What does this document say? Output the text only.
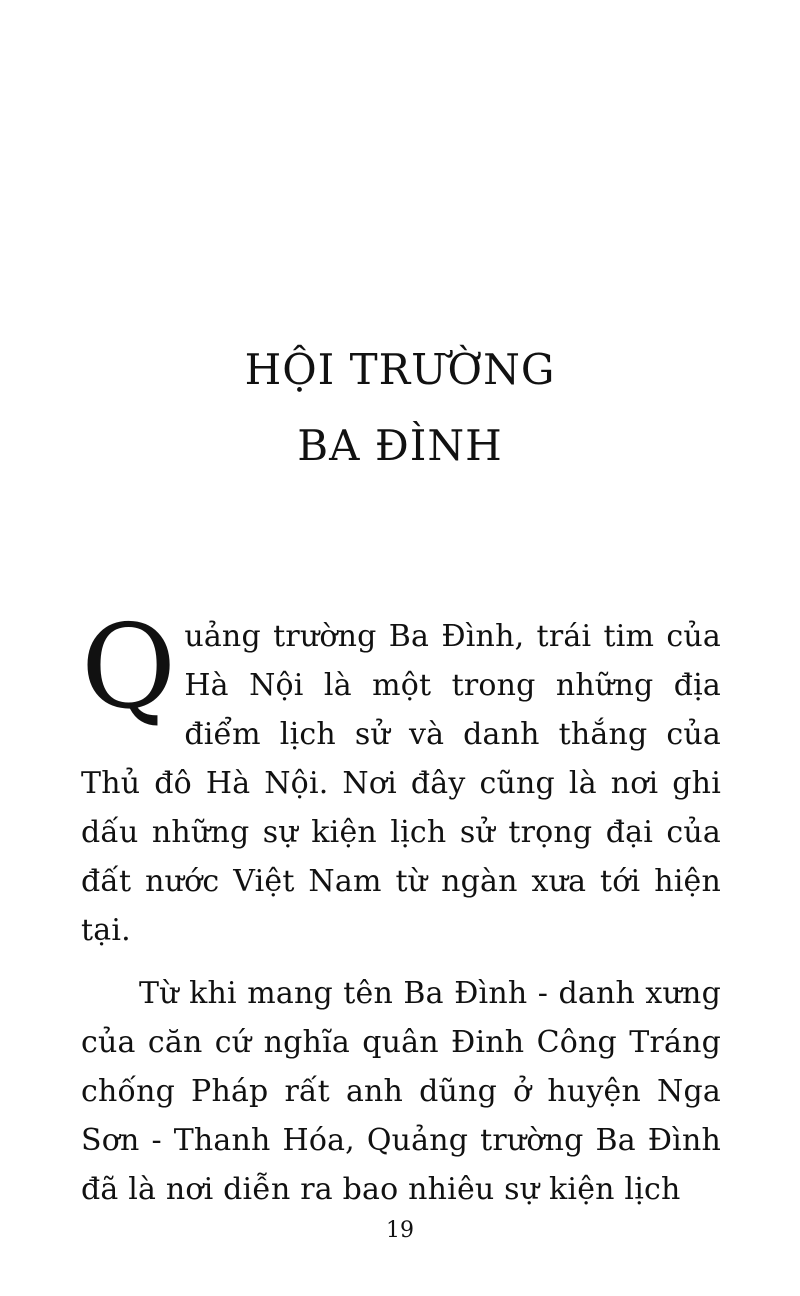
HỘI TRƯỜNG
BA ĐÌNH

Quảng trường Ba Đình, trái tim của Hà Nội là một trong những địa điểm lịch sử và danh thắng của Thủ đô Hà Nội. Nơi đây cũng là nơi ghi dấu những sự kiện lịch sử trọng đại của đất nước Việt Nam từ ngàn xưa tới hiện tại.

Từ khi mang tên Ba Đình - danh xưng của căn cứ nghĩa quân Đinh Công Tráng chống Pháp rất anh dũng ở huyện Nga Sơn - Thanh Hóa, Quảng trường Ba Đình đã là nơi diễn ra bao nhiêu sự kiện lịch

19
